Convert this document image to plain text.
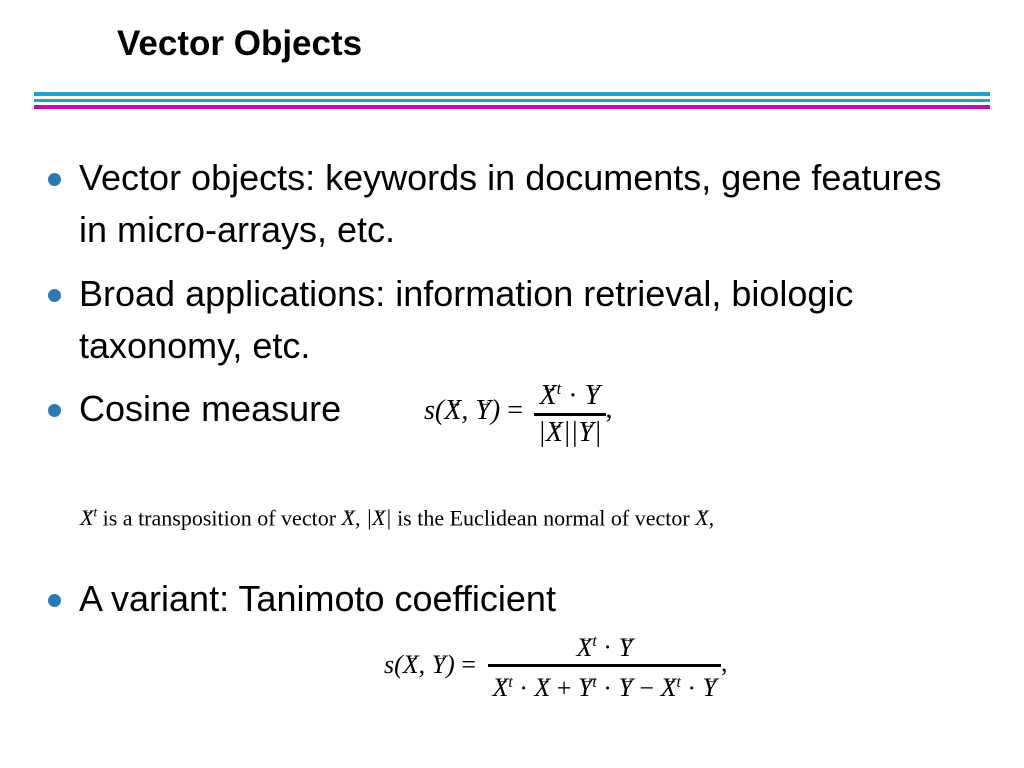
Vector Objects

Vector objects: keywords in documents, gene features in micro-arrays, etc.

Broad applications: information retrieval, biologic taxonomy, etc.

Cosine measure	s(→ X, → Y) = → $\frac{X^t \cdot \to Y}{|\to X||\to Y|}$ ,
→ $X^t$ is a transposition of vector → X, |→ X| is the Euclidean normal of vector → X,

A variant: Tanimoto coefficient

s(→ X, → Y) = → $X^t$ · → Y
→ $X^t$ · → X + → $Y^t$ · → Y − → $X^t$ · → Y ,
